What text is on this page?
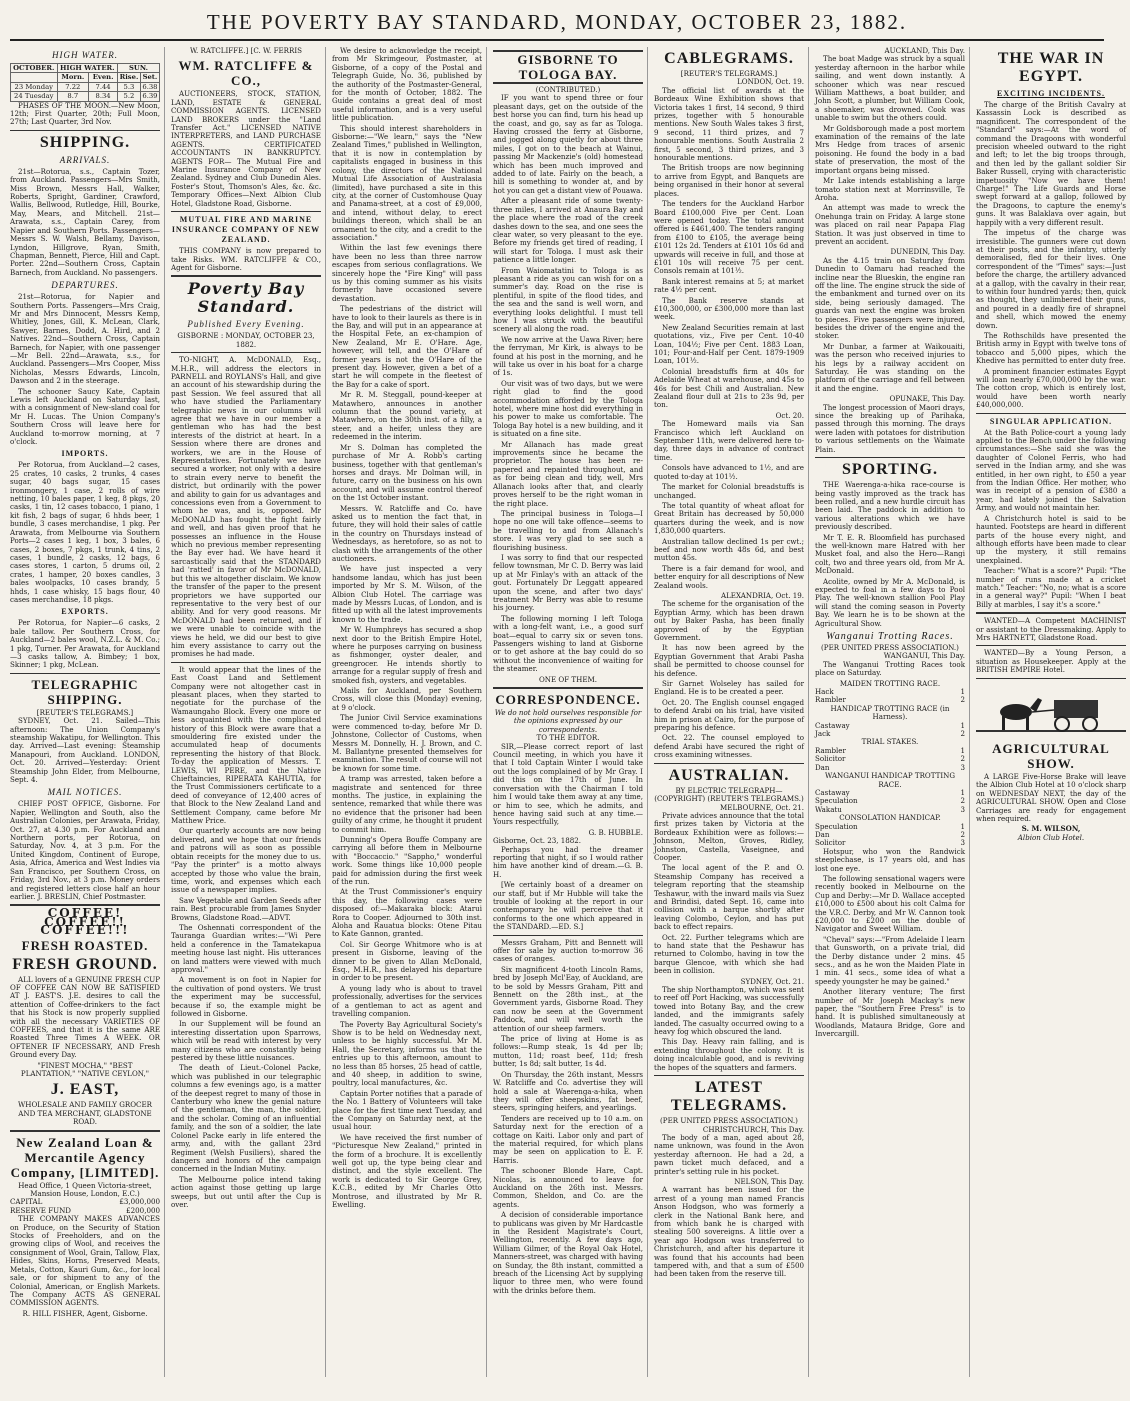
THE POVERTY BAY STANDARD, MONDAY, OCTOBER 23, 1882.
HIGH WATER.
OCTOBER.	HIGH WATER.		SUN.	
	Morn.	Even.	Rise.	Set.
23 Monday	7.22	7.44	5.3	6.38
24 Tuesday	8.7	8.34	5.2	6.39

PHASES OF THE MOON.—New Moon, 12th; First Quarter, 20th; Full Moon, 27th; Last Quarter, 3rd Nov.

SHIPPING.
ARRIVALS.

21st—Rotorua, s.s., Captain Tozer, from Auckland. Passengers—Mrs Smith, Miss Brown, Messrs Hall, Walker, Roberts, Spright, Gardiner, Crawford, Wallis, Bellwood, Rutledge, Hill, Bourke, May, Mears, and Mitchell. 21st—Arawata, s.s., Captain Carey, from Napier and Southern Ports. Passengers—Messrs S. W. Walsh, Bellamy, Davison, Lyndon, Hillgrove, Ryan, Smith, Chapman, Bennett, Pierce, Hill and Capt. Porter. 22nd—Southern Cross, Captain Barnech, from Auckland. No passengers.

DEPARTURES.

21st—Rotorua, for Napier and Southern Ports. Passengers—Mrs Craig, Mr and Mrs Dinnocent, Messrs Kemp, Whitley, Jones, Gill, K. McLean, Clark, Sawyer, Barnes, Dodd, A. Hird, and 2 Natives. 22nd—Southern Cross, Captain Barnech, for Napier, with one passenger—Mr Bell. 22nd—Arawata, s.s., for Auckland. Passengers—Mrs Cooper, Miss Nicholas, Messrs Edwards, Lincoln, Dawson and 2 in the steerage.

The schooner Saucy Kate, Captain Lewis left Auckland on Saturday last, with a consignment of New-sland coal for Mr H. Lucas. The Union Company's Southern Cross will leave here for Auckland to-morrow morning, at 7 o'clock.

IMPORTS.

Per Rotorua, from Auckland—2 cases, 25 crates, 10 casks, 2 trunks, 4 cases sugar, 40 bags sugar, 15 cases ironmongery, 1 case, 2 rolls of wire netting, 10 bales paper, 1 keg, 8 pkgs, 20 casks, 1 tin, 12 cases tobacco, 1 piano, 1 kit fish, 2 bags of sugar, 6 hhds beer, 1 bundle, 3 cases merchandise, 1 pkg. Per Arawata, from Melbourne via Southern Ports—2 cases 1 keg, 1 box, 3 bales, 6 cases, 2 boxes, 7 pkgs, 1 trunk, 4 tins, 2 cases, 1 bundle, 2 casks, 12 bags, 6 cases stores, 1 carton, 5 drums oil, 2 crates, 1 hamper, 20 boxes candles, 3 bales woolpacks, 10 cases brandy, 5 hhds, 1 case whisky, 15 bags flour, 40 cases merchandise, 18 pkgs.

EXPORTS.

Per Rotorua, for Napier—6 casks, 2 bale tallow. Per Southern Cross, for Auckland—2 bales wool, N.Z.L. & M. Co.; 1 pkg, Turner. Per Arawata, for Auckland—3 casks tallow, A. Bimbey; 1 box, Skinner; 1 pkg, McLean.

TELEGRAPHIC SHIPPING.
[REUTER'S TELEGRAMS.]

SYDNEY, Oct. 21. Sailed—This afternoon: The Union Company's steamship Wakatipu, for Wellington. This day. Arrived—Last evening: Steamship Manapouri, from Auckland. LONDON, Oct. 20. Arrived—Yesterday: Orient Steamship John Elder, from Melbourne, Sept. 4.

MAIL NOTICES.

CHIEF POST OFFICE, Gisborne. For Napier, Wellington and South, also the Australian Colonies, per Arawata, Friday, Oct. 27, at 4.30 p.m. For Auckland and Northern ports, per Rotorua, on Saturday, Nov. 4, at 3 p.m. For the United Kingdom, Continent of Europe, Asia, Africa, America and West Indies via San Francisco, per Southern Cross, on Friday, 3rd Nov., at 3 p.m. Money orders and registered letters close half an hour earlier. J. BRESLIN, Chief Postmaster.

COFFEE! COFFEE!! COFFEE!!!
FRESH ROASTED.
FRESH GROUND.

ALL lovers of a GENUINE FRESH CUP OF COFFEE CAN NOW BE SATISFIED AT J. EAST'S. J.E. desires to call the attention of Coffee-drinkers to the fact that his Stock is now properly supplied with all the necessary VARIETIES OF COFFEES, and that it is the same ARE Roasted Three Times A WEEK. OR OFTENER IF NECESSARY, AND Fresh Ground every Day.

"FINEST MOCHA," "BEST PLANTATION," "NATIVE CEYLON,"
J. EAST,
WHOLESALE AND FAMILY GROCER AND TEA MERCHANT, GLADSTONE ROAD.
New Zealand Loan & Mercantile Agency Company, [LIMITED].
Head Office, 1 Queen Victoria-street, Mansion House, London, E.C.)
CAPITAL	£3,000,000
RESERVE FUND	£200,000

THE COMPANY MAKES ADVANCES on Produce, on the Security of Station Stocks of Freeholders, and on the growing clips of Wool, and receives the consignment of Wool, Grain, Tallow, Flax, Hides, Skins, Horns, Preserved Meats, Metals, Cotton, Kauri Gum, &c., for local sale, or for shipment to any of the Colonial, American, or English Markets. The Company ACTS AS GENERAL COMMISSION AGENTS.

R. HILL FISHER, Agent, Gisborne.
W. RATCLIFFE.] [C. W. FERRIS
WM. RATCLIFFE & CO.,

AUCTIONEERS, STOCK, STATION, LAND, ESTATE & GENERAL COMMISSION AGENTS. LICENSED LAND BROKERS under the "Land Transfer Act." LICENSED NATIVE INTERPRETERS, and LAND PURCHASE AGENTS. CERTIFICATED ACCOUNTANTS IN BANKRUPTCY. AGENTS FOR— The Mutual Fire and Marine Insurance Company of New Zealand. Sydney and Club Dunedin Ales. Foster's Stout, Thomson's Ales, &c. &c. Temporary Offices—Next Albion Club Hotel, Gladstone Road, Gisborne.

MUTUAL FIRE AND MARINE INSURANCE COMPANY OF NEW ZEALAND.

THIS COMPANY is now prepared to take Risks. WM. RATCLIFFE & CO., Agent for Gisborne.

Poverty Bay Standard.
Published Every Evening.
GISBORNE : MONDAY, OCTOBER 23, 1882.

TO-NIGHT, A. McDONALD, Esq., M.H.R., will address the electors in PARNELL and ROYLANS's Hall, and give an account of his stewardship during the past Session. We feel assured that all who have studied the Parliamentary telegraphic news in our columns will agree that we have in our member a gentleman who has had the best interests of the district at heart. In a Session where there are drones and workers, we are in the House of Representatives. Fortunately we have secured a worker, not only with a desire to strain every nerve to benefit the district, but ordinarily with the power and ability to gain for us advantages and concessions even from a Government to whom he was, and is, opposed. Mr McDONALD has fought the fight fairly and well, and has given proof that he possesses an influence in the House which no previous member representing the Bay ever had. We have heard it sarcastically said that the STANDARD had 'ratted' in favor of Mr McDONALD, but this we altogether disclaim. We know the transfer of the paper to the present proprietors we have supported our representative to the very best of our ability. And for very good reasons. Mr McDONALD had been returned, and if we were unable to coincide with the views he held, we did our best to give him every assistance to carry out the promises he had made.

It would appear that the lines of the East Coast Land and Settlement Company were not altogether cast in pleasant places, when they started to negotiate for the purchase of the Wamaungaho Block. Every one more or less acquainted with the complicated history of this Block were aware that a smouldering fire existed under the accumulated heap of documents representing the history of that Block. To-day the application of Messrs. T. LEWIS, WI PERE, and the Native Chieftaincies, RIPERATA KAHUTIA, for the Trust Commissioners certificate to a deed of conveyance of 12,400 acres of that Block to the New Zealand Land and Settlement Company, came before Mr Matthew Price.

Our quarterly accounts are now being delivered, and we hope that our friends and patrons will as soon as possible obtain receipts for the money due to us. "Pay the printer" is a motto always accepted by those who value the brain, time, work, and expenses which each issue of a newspaper implies.

Saw Vegetable and Garden Seeds after rain. Best procurable from James Snyder Browns, Gladstone Road.—ADVT.

The Oshennati correspondent of the Tauranga Guardian writes:—"Wi Pere held a conference in the Tamatekapua meeting house last night. His utterances on land matters were viewed with much approval."

A movement is on foot in Napier for the cultivation of pond oysters. We trust the experiment may be successful, because if so, the example might be followed in Gisborne.

In our Supplement will be found an interesting dissertation upon Sparrows, which will be read with interest by very many citizens who are constantly being pestered by these little nuisances.

The death of Lieut.-Colonel Packe, which was published in our telegraphic columns a few evenings ago, is a matter of the deepest regret to many of those in Canterbury who knew the genial nature of the gentleman, the man, the soldier, and the scholar. Coming of an influential family, and the son of a soldier, the late Colonel Packe early in life entered the army, and, with the gallant 23rd Regiment (Welsh Fusiliers), shared the dangers and honors of the campaign concerned in the Indian Mutiny.

The Melbourne police intend taking action against those getting up large sweeps, but out until after the Cup is over.

We desire to acknowledge the receipt, from Mr Skrimgeour, Postmaster, at Gisborne, of a copy of the Postal and Telegraph Guide, No. 36, published by the authority of the Postmaster-General, for the month of October, 1882. The Guide contains a great deal of most useful information, and is a very useful little publication.

This should interest shareholders in Gisborne:—"We learn," says the "New Zealand Times," published in Wellington, that it is now in contemplation by capitalists engaged in business in this colony, the directors of the National Mutual Life Association of Australasia (limited), have purchased a site in this city, at the corner of Customhouse Quay and Panama-street, at a cost of £9,000, and intend, without delay, to erect buildings thereon, which shall be an ornament to the city, and a credit to the association."

Within the last few evenings there have been no less than three narrow escapes from serious conflagrations. We sincerely hope the "Fire King" will pass us by this coming summer as his visits formerly have occasioned severe devastation.

The pedestrians of the district will have to look to their laurels as there is in the Bay, and will put in an appearance at the Hospital Fete, an ex-champion of New Zealand, Mr E. O'Hare. Age, however, will tell, and the O'Hare of former years is not the O'Hare of the present day. However, given a bet of a start he will compete in the fleetest of the Bay for a cake of sport.

Mr R. M. Steggall, pound-keeper at Matawhero, announces in another column that the pound variety, at Matawhero, on the 30th inst. of a filly, a steer, and a heifer, unless they are redeemed in the interim.

Mr S. Dolman has completed the purchase of Mr A. Robb's carting business, together with that gentleman's horses and drays. Mr Dolman will, in future, carry on the business on his own account, and will assume control thereof on the 1st October instant.

Messrs. W. Ratcliffe and Co. have asked us to mention the fact that, in future, they will hold their sales of cattle in the country on Thursdays instead of Wednesdays, as heretofore, so as not to clash with the arrangements of the other auctioneers.

We have just inspected a very handsome landau, which has just been imported by Mr S. M. Wilson, of the Albion Club Hotel. The carriage was made by Messrs Lucas, of London, and is fitted up with all the latest improvements known to the trade.

Mr W. Humphreys has secured a shop next door to the British Empire Hotel, where he purposes carrying on business as fishmonger, oyster dealer, and greengrocer. He intends shortly to arrange for a regular supply of fresh and smoked fish, oysters, and vegetables.

Mails for Auckland, per Southern Cross, will close this (Monday) evening, at 9 o'clock.

The Junior Civil Service examinations were commenced to-day, before Mr D. Johnstone, Collector of Customs, when Messrs M. Donnelly, H. J. Brown, and C. M. Ballantyne presented themselves for examination. The result of course will not be known for some time.

A tramp was arrested, taken before a magistrate and sentenced for three months. The justice, in explaining the sentence, remarked that while there was no evidence that the prisoner had been guilty of any crime, he thought it prudent to commit him.

Dunning's Opera Bouffe Company are carrying all before them in Melbourne with "Boccaccio." "Sappho," wonderful work. Some things like 10,000 people paid for admission during the first week of the run.

At the Trust Commissioner's enquiry this day, the following cases were disposed of:—Makaraka block: Atarui Rora to Cooper. Adjourned to 30th inst. Aloha and Rauatua blocks: Otene Pitau to Kate Gannon, granted.

Col. Sir George Whitmore who is at present in Gisborne, leaving of the dinner to be given to Allan McDonald, Esq., M.H.R., has delayed his departure in order to be present.

A young lady who is about to travel professionally, advertises for the services of a gentleman to act as agent and travelling companion.

The Poverty Bay Agricultural Society's Show is to be held on Wednesday next, unless to be highly successful. Mr M. Hall, the Secretary, informs us that the entries up to this afternoon, amount to no less than 85 horses, 25 head of cattle, and 40 sheep, in addition to swine, poultry, local manufactures, &c.

Captain Porter notifies that a parade of the No. 1 Battery of Volunteers will take place for the first time next Tuesday, and the Company on Saturday next, at the usual hour.

We have received the first number of "Picturesque New Zealand," printed in the form of a brochure. It is excellently well got up, the type being clear and distinct, and the style excellent. The work is dedicated to Sir George Grey, K.C.B., edited by Mr Charles Otto Montrose, and illustrated by Mr R. Ewelling.

GISBORNE TO TOLOGA BAY.
(CONTRIBUTED.)

IF you want to spend three or four pleasant days, get on the outside of the best horse you can find, turn his head up the coast, and go, say as far as Tologa. Having crossed the ferry at Gisborne, and jogged along quietly for about three miles, I got on to the beach at Wainui, passing Mr Mackenzie's (old) homestead which has been much improved and added to of late. Fairly on the beach, a hill is something to wonder at, and by hot you can get a distant view of Pouawa.

After a pleasant ride of some twenty-three miles, I arrived at Anaura Bay and the place where the road of the creek dashes down to the sea, and one sees the clear water, so very pleasant to the eye. Before my friends get tired of reading, I will start for Tologa. I must ask their patience a little longer.

From Waiomatatini to Tologa is as pleasant a ride as you can wish for on a summer's day. Road on the rise is plentiful, in spite of the flood tides, and the sea and the sand is well worn, and everything looks delightful. I must tell how I was struck with the beautiful scenery all along the road.

We now arrive at the Uawa River; here the ferryman, Mr Kirk, is always to be found at his post in the morning, and he will take us over in his boat for a charge of 1s.

Our visit was of two days, but we were right glad to find the good accommodation afforded by the Tologa hotel, where mine host did everything in his power to make us comfortable. The Tologa Bay hotel is a new building, and it is situated on a fine site.

Mr Allanach has made great improvements since he became the proprietor. The house has been re-papered and repainted throughout, and as for being clean and tidy, well, Mrs Allanach looks after that, and clearly proves herself to be the right woman in the right place.

The principal business in Tologa—I hope no one will take offence—seems to be travelling to and from Allanach's store. I was very glad to see such a flourishing business.

I was sorry to find that our respected fellow townsman, Mr C. D. Berry was laid up at Mr Finlay's with an attack of the gout. Fortunately Dr Leggatt appeared upon the scene, and after two days' treatment Mr Berry was able to resume his journey.

The following morning I left Tologa with a long-felt want, i.e., a good surf boat—equal to carry six or seven tons. Passengers wishing to land at Gisborne or to get ashore at the bay could do so without the inconvenience of waiting for the steamer.

ONE OF THEM.
CORRESPONDENCE.
We do not hold ourselves responsible for the opinions expressed by our correspondents.
TO THE EDITOR.

SIR,—Please correct report of last Council meeting, in which you have it that I told Captain Winter I would take out the logs complained of by Mr Gray. I did this on the 17th of June. In conversation with the Chairman I told him I would take them away at any time, or him to see, which he admits, and hence having said such at any time.—Yours respectfully,

G. B. HUBBLE.
Gisborne, Oct. 23, 1882.

Perhaps you had the dreamer reporting that night, if so I would rather him have another kind of dream.—G. B. H.

[We certainly boast of a dreamer on our staff, but if Mr Hubble will take the trouble of looking at the report in our contemporary he will perceive that it conforms to the one which appeared in the STANDARD.—ED. S.]

Messrs Graham, Pitt and Bennett will offer for sale by auction to-morrow 36 cases of oranges.

Six magnificent 4-tooth Lincoln Rams, bred by Joseph Mcl'Eay, of Auckland, are to be sold by Messrs Graham, Pitt and Bennett on the 28th inst., at the Government yards, Gisborne Road. They can now be seen at the Government Paddock, and will well worth the attention of our sheep farmers.

The price of living at Home is as follows:—Rump steak, 1s 4d per lb; mutton, 11d; roast beef, 11d; fresh butter, 1s 8d; salt butter, 1s 4d.

On Thursday, the 26th instant, Messrs W. Ratcliffe and Co. advertise they will hold a sale at Waerenga-a-hika, when they will offer sheepskins, fat beef, steers, springing heifers, and yearlings.

Tenders are received up to 10 a.m. on Saturday next for the erection of a cottage on Kaiti. Labor only and part of the material required, for which plans may be seen on application to E. F. Harris.

The schooner Blonde Hare, Capt. Nicolas, is announced to leave for Auckland on the 26th inst. Messrs. Common, Sheldon, and Co. are the agents.

A decision of considerable importance to publicans was given by Mr Hardcastle in the Resident Magistrate's Court, Wellington, recently. A few days ago, William Gilmer, of the Royal Oak Hotel, Manners-street, was charged with having on Sunday, the 8th instant, committed a breach of the Licensing Act by supplying liquor to three men, who were found with the drinks before them.

CABLEGRAMS.
[REUTER'S TELEGRAMS.]
LONDON, Oct. 19.

The official list of awards at the Bordeaux Wine Exhibition shows that Victoria takes 1 first, 14 second, 9 third prizes, together with 5 honourable mentions. New South Wales takes 3 first, 9 second, 11 third prizes, and 7 honourable mentions. South Australia 2 first, 5 second, 3 third prizes, and 3 honourable mentions.

The British troops are now beginning to arrive from Egypt, and Banquets are being organised in their honor at several places.

The tenders for the Auckland Harbor Board £100,000 Five per Cent. Loan were opened today. The total amount offered is £461,400. The tenders ranging from £100 to £105, the average being £101 12s 2d. Tenders at £101 10s 6d and upwards will receive in full, and those at £101 10s will receive 75 per cent. Consols remain at 101½.

Bank interest remains at 5; at market rate 4½ per cent.

The Bank reserve stands at £10,300,000, or £300,000 more than last week.

New Zealand Securities remain at last quotations, viz., Five per Cent. 10-40 Loan, 104½; Five per Cent. 1883 Loan, 101; Four-and-Half per Cent. 1879-1909 Loan, 101½.

Colonial breadstuffs firm at 40s for Adelaide Wheat at warehouse, and 45s to 46s for best Chili and Australian. New Zealand flour dull at 21s to 23s 9d, per ton.

Oct. 20.

The Homeward mails via San Francisco which left Auckland on September 11th, were delivered here to-day, three days in advance of contract time.

Consols have advanced to 1½, and are quoted to-day at 101½.

The market for Colonial breadstuffs is unchanged.

The total quantity of wheat afloat for Great Britain has decreased by 50,000 quarters during the week, and is now 1,830,000 quarters.

Australian tallow declined 1s per cwt.; beef and now worth 48s 6d, and best mutton 45s.

There is a fair demand for wool, and better enquiry for all descriptions of New Zealand wools.

ALEXANDRIA, Oct. 19.

The scheme for the organisation of the Egyptian Army, which has been drawn out by Baker Pasha, has been finally approved of by the Egyptian Government.

It has now been agreed by the Egyptian Government that Arabi Pasha shall be permitted to choose counsel for his defence.

Sir Garnet Wolseley has sailed for England. He is to be created a peer.

Oct. 20. The English counsel engaged to defend Arabi on his trial, have visited him in prison at Cairo, for the purpose of preparing his defence.

Oct. 22. The counsel employed to defend Arabi have secured the right of cross examining witnesses.

AUSTRALIAN.
BY ELECTRIC TELEGRAPH—(COPYRIGHT) (REUTER'S TELEGRAMS.)
MELBOURNE, Oct. 21.

Private advices announce that the total first prizes taken by Victoria at the Bordeaux Exhibition were as follows:—Johnson, Melton, Groves, Ridley, Johnston, Castella, Vaseignee, and Cooper.

The local agent of the P. and O. Steamship Company has received a telegram reporting that the steamship Teshawur, with the inward mails via Suez and Brindisi, dated Sept. 16, came into collision with a barque shortly after leaving Colombo, Ceylon, and has put back to effect repairs.

Oct. 22. Further telegrams which are to hand state that the Peshawur has returned to Colombo, having in tow the barque Glencoe, with which she had been in collision.

SYDNEY, Oct. 21.

The ship Northampton, which was sent to reef off Port Hacking, was successfully towed into Botany Bay, and the crew landed, and the immigrants safely landed. The casualty occurred owing to a heavy fog which obscured the land.

This Day. Heavy rain falling, and is extending throughout the colony. It is doing incalculable good, and is reviving the hopes of the squatters and farmers.

LATEST TELEGRAMS.
(PER UNITED PRESS ASSOCIATION.)
CHRISTCHURCH, This Day.

The body of a man, aged about 28, name unknown, was found in the Avon yesterday afternoon. He had a 2d, a pawn ticket much defaced, and a printer's setting rule in his pocket.

NELSON, This Day.

A warrant has been issued for the arrest of a young man named Francis Anson Hodgson, who was formerly a clerk in the National Bank here, and from which bank he is charged with stealing 500 sovereigns. A little over a year ago Hodgson was transferred to Christchurch, and after his departure it was found that his accounts had been tampered with, and that a sum of £500 had been taken from the reserve till.

AUCKLAND, This Day.

The boat Madge was struck by a squall yesterday afternoon in the harbor while sailing, and went down instantly. A schooner which was near rescued William Matthews, a boat builder, and John Scott, a plumber, but William Cook, a shoemaker, was drowned. Cook was unable to swim but the others could.

Mr Goldsborough made a post mortem examination of the remains of the late Mrs Hedge from traces of arsenic poisoning. He found the body in a bad state of preservation, the most of the important organs being missed.

Mr Lake intends establishing a large tomato station next at Morrinsville, Te Aroha.

An attempt was made to wreck the Onehunga train on Friday. A large stone was placed on rail near Papapa Flag Station. It was just observed in time to prevent an accident.

DUNEDIN, This Day.

As the 4.15 train on Saturday from Dunedin to Oamaru had reached the incline near the Blueskin, the engine ran off the line. The engine struck the side of the embankment and turned over on its side, being seriously damaged. The guards van next the engine was broken to pieces. Five passengers were injured, besides the driver of the engine and the stoker.

Mr Dunbar, a farmer at Waikouaiti, was the person who received injuries to his legs by a railway accident on Saturday. He was standing on the platform of the carriage and fell between it and the engine.

OPUNAKE, This Day.

The longest procession of Maori drays, since the breaking up of Parihaka, passed through this morning. The drays were laden with potatoes for distribution to various settlements on the Waimate Plain.

SPORTING.

THE Waerenga-a-hika race-course is being vastly improved as the track has been rolled, and a new hurdle circuit has been laid. The paddock in addition to various alterations which we have previously described.

Mr T. E. R. Bloomfield has purchased the well-known mare Hatred with her Musket foal, and also the Hero—Rangi colt, two and three years old, from Mr A. McDonald.

Acolite, owned by Mr A. McDonald, is expected to foal in a few days to Pool Play. The well-known stallion Pool Play will stand the coming season in Poverty Bay. We learn he is to be shown at the Agricultural Show.

Wanganui Trotting Races.
(PER UNITED PRESS ASSOCIATION.)
WANGANUI, This Day.

The Wanganui Trotting Races took place on Saturday.

MAIDEN TROTTING RACE.
Hack	1
Rambler	2
HANDICAP TROTTING RACE (in Harness).
Castaway	1
Jack	2
TRIAL STAKES.
Rambler	1
Solicitor	2
Dan	3
WANGANUI HANDICAP TROTTING RACE.
Castaway	1
Speculation	2
Wakatu	3
CONSOLATION HANDICAP.
Speculation	1
Dan	2
Solicitor	3

Hotspur, who won the Randwick steeplechase, is 17 years old, and has lost one eye.

The following sensational wagers were recently booked in Melbourne on the Cup and Derby:—Mr D. Wallace accepted £10,000 to £500 about his colt Calma for the V.R.C. Derby, and Mr W. Cannon took £20,000 to £200 on the double of Navigator and Sweet William.

"Cheval" says:—"From Adelaide I learn that Gunsworth, on a private trial, did the Derby distance under 2 mins. 45 secs., and as he won the Maiden Plate in 1 min. 41 secs., some idea of what a speedy youngster he may be gained."

Another literary venture; The first number of Mr Joseph Mackay's new paper, the "Southern Free Press" is to hand. It is published simultaneously at Woodlands, Mataura Bridge, Gore and Invercargill.

THE WAR IN EGYPT.
EXCITING INCIDENTS.

The charge of the British Cavalry at Kassassin Lock is described as magnificent. The correspondent of the "Standard" says:—At the word of command the Dragoons with wonderful precision wheeled outward to the right and left; to let the big troops through, and then led by the gallant soldier Sir Baker Russell, crying with characteristic impetuosity "Now we have them! Charge!" The Life Guards and Horse swept forward at a gallop, followed by the Dragoons, to capture the enemy's guns. It was Balaklava over again, but happily with a very different result.

The impetus of the charge was irresistible. The gunners were cut down at their posts, and the infantry, utterly demoralised, fled for their lives. One correspondent of the "Times" says:—Just before the charge, the artillery advanced at a gallop, with the cavalry in their rear, to within four hundred yards; then, quick as thought, they unlimbered their guns, and poured in a deadly fire of shrapnel and shell, which mowed the enemy down.

The Rothschilds have presented the British army in Egypt with twelve tons of tobacco and 5,000 pipes, which the Khedive has permitted to enter duty free.

A prominent financier estimates Egypt will loan nearly £70,000,000 by the war. The cotton crop, which is entirely lost, would have been worth nearly £40,000,000.

SINGULAR APPLICATION.

At the Bath Police-court a young lady applied to the Bench under the following circumstances:—She said she was the daughter of Colonel Ferris, who had served in the Indian army, and she was entitled, in her own right, to £50 a year from the Indian Office. Her mother, who was in receipt of a pension of £380 a year, had lately joined the Salvation Army, and would not maintain her.

A Christchurch hotel is said to be haunted. Footsteps are heard in different parts of the house every night, and although efforts have been made to clear up the mystery, it still remains unexplained.

Teacher: "What is a score?" Pupil: "The number of runs made at a cricket match." Teacher: "No, no; what is a score in a general way?" Pupil: "When I beat Billy at marbles, I say it's a score."

WANTED—A Competent MACHINIST or assistant to the Dressmaking. Apply to Mrs HARTNETT, Gladstone Road.

WANTED—By a Young Person, a situation as Housekeeper. Apply at the BRITISH EMPIRE Hotel.

AGRICULTURAL SHOW.

A LARGE Five-Horse Brake will leave the Albion Club Hotel at 10 o'clock sharp on WEDNESDAY NEXT, the day of the AGRICULTURAL SHOW. Open and Close Carriages are ready for engagement when required.

S. M. WILSON,
Albion Club Hotel.
